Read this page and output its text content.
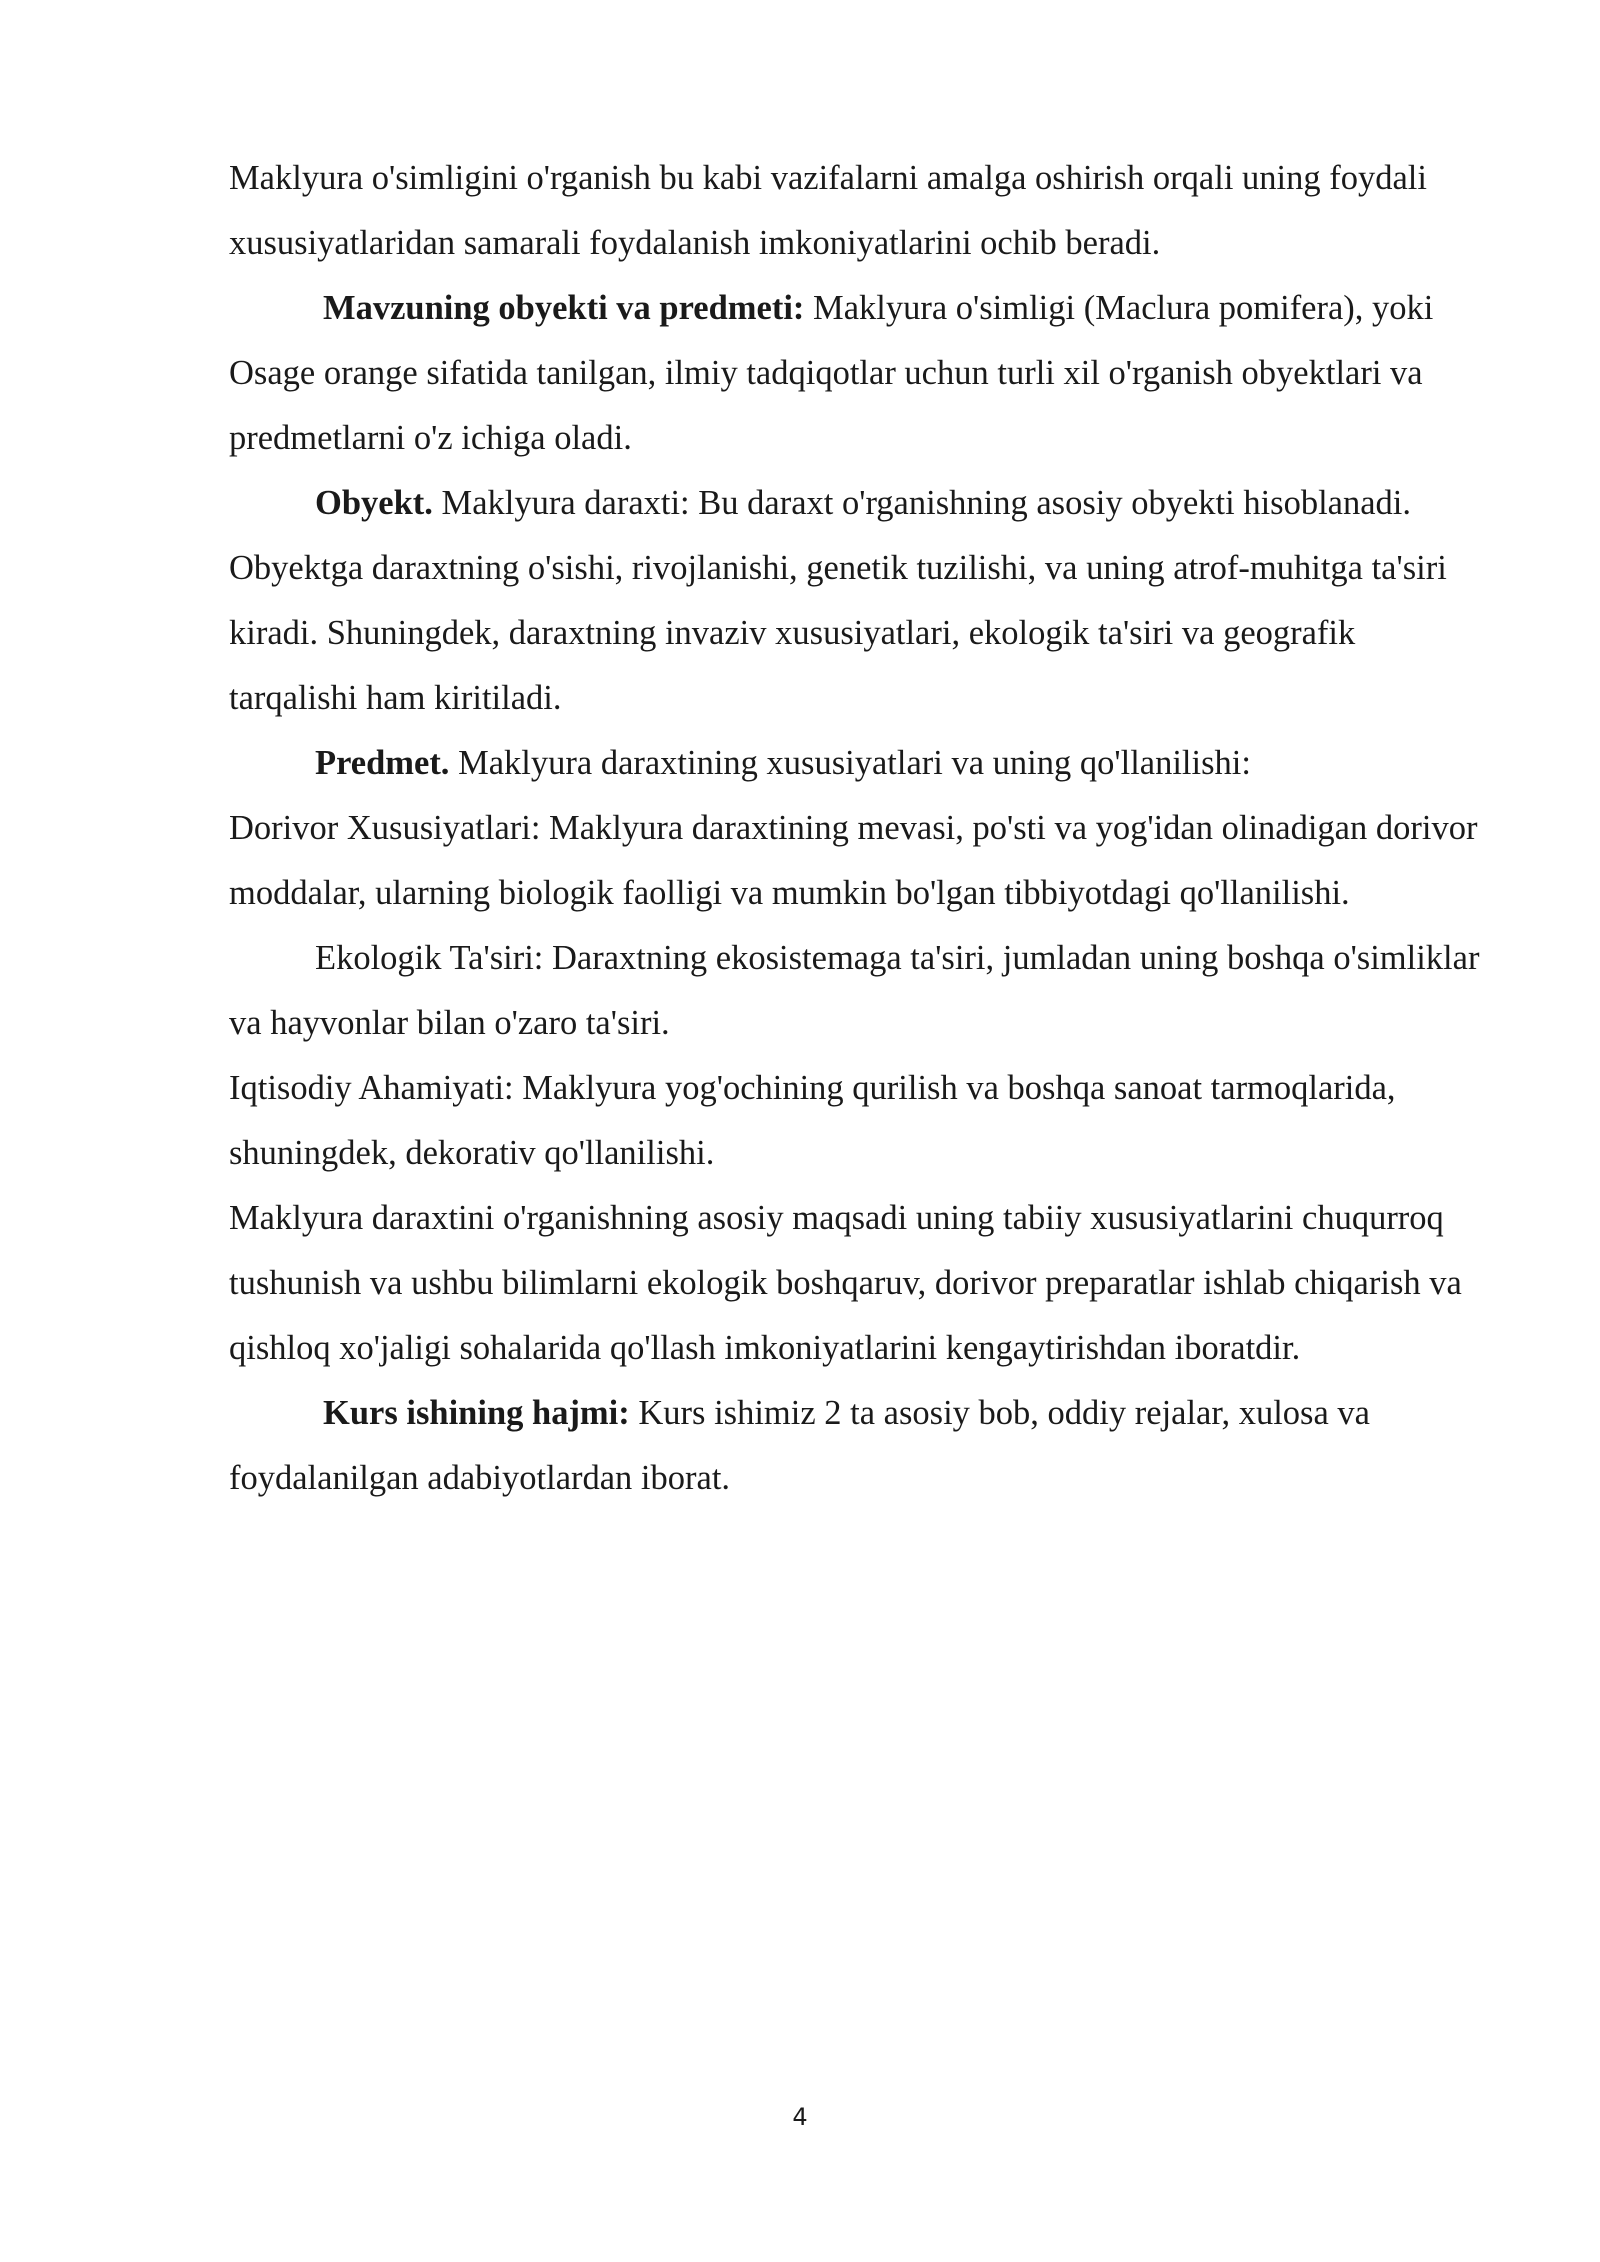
Maklyura o'simligini o'rganish bu kabi vazifalarni amalga oshirish orqali uning foydali xususiyatlaridan samarali foydalanish imkoniyatlarini ochib beradi.

Mavzuning obyekti va predmeti: Maklyura o'simligi (Maclura pomifera), yoki Osage orange sifatida tanilgan, ilmiy tadqiqotlar uchun turli xil o'rganish obyektlari va predmetlarni o'z ichiga oladi.

Obyekt. Maklyura daraxti: Bu daraxt o'rganishning asosiy obyekti hisoblanadi. Obyektga daraxtning o'sishi, rivojlanishi, genetik tuzilishi, va uning atrof-muhitga ta'siri kiradi. Shuningdek, daraxtning invaziv xususiyatlari, ekologik ta'siri va geografik tarqalishi ham kiritiladi.

Predmet. Maklyura daraxtining xususiyatlari va uning qo'llanilishi:

Dorivor Xususiyatlari: Maklyura daraxtining mevasi, po'sti va yog'idan olinadigan dorivor moddalar, ularning biologik faolligi va mumkin bo'lgan tibbiyotdagi qo'llanilishi.

Ekologik Ta'siri: Daraxtning ekosistemaga ta'siri, jumladan uning boshqa o'simliklar va hayvonlar bilan o'zaro ta'siri.

Iqtisodiy Ahamiyati: Maklyura yog'ochining qurilish va boshqa sanoat tarmoqlarida, shuningdek, dekorativ qo'llanilishi.

Maklyura daraxtini o'rganishning asosiy maqsadi uning tabiiy xususiyatlarini chuqurroq tushunish va ushbu bilimlarni ekologik boshqaruv, dorivor preparatlar ishlab chiqarish va qishloq xo'jaligi sohalarida qo'llash imkoniyatlarini kengaytirishdan iboratdir.

Kurs ishining hajmi: Kurs ishimiz 2 ta asosiy bob, oddiy rejalar, xulosa va foydalanilgan adabiyotlardan iborat.

4
